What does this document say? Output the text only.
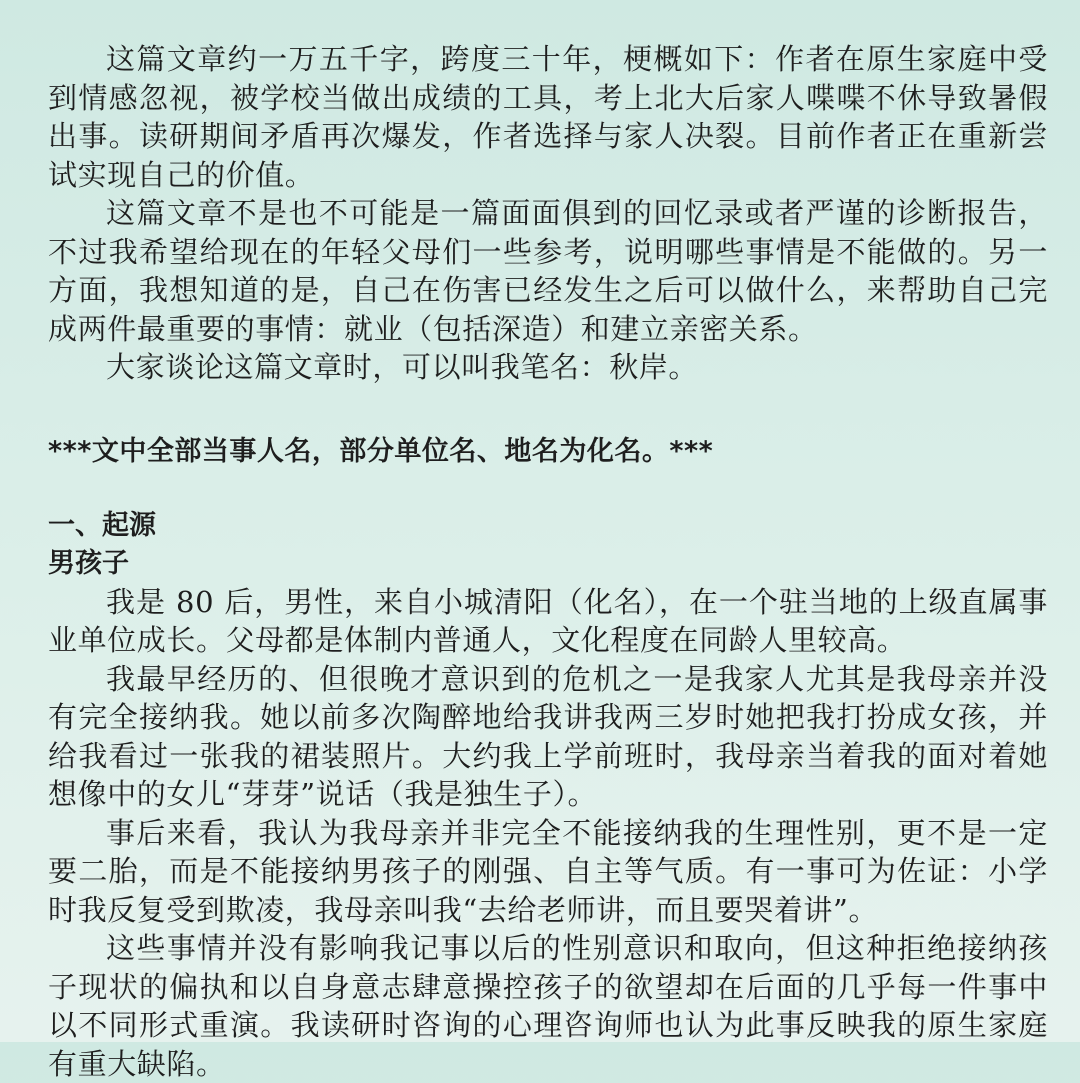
这篇文章约一万五千字，跨度三十年，梗概如下：作者在原生家庭中受到情感忽视，被学校当做出成绩的工具，考上北大后家人喋喋不休导致暑假出事。读研期间矛盾再次爆发，作者选择与家人决裂。目前作者正在重新尝试实现自己的价值。

这篇文章不是也不可能是一篇面面俱到的回忆录或者严谨的诊断报告，不过我希望给现在的年轻父母们一些参考，说明哪些事情是不能做的。另一方面，我想知道的是，自己在伤害已经发生之后可以做什么，来帮助自己完成两件最重要的事情：就业（包括深造）和建立亲密关系。

大家谈论这篇文章时，可以叫我笔名：秋岸。

***文中全部当事人名，部分单位名、地名为化名。***

一、起源

男孩子

我是 80 后，男性，来自小城清阳（化名），在一个驻当地的上级直属事业单位成长。父母都是体制内普通人，文化程度在同龄人里较高。

我最早经历的、但很晚才意识到的危机之一是我家人尤其是我母亲并没有完全接纳我。她以前多次陶醉地给我讲我两三岁时她把我打扮成女孩，并给我看过一张我的裙装照片。大约我上学前班时，我母亲当着我的面对着她想像中的女儿“芽芽”说话（我是独生子）。

事后来看，我认为我母亲并非完全不能接纳我的生理性别，更不是一定要二胎，而是不能接纳男孩子的刚强、自主等气质。有一事可为佐证：小学时我反复受到欺凌，我母亲叫我“去给老师讲，而且要哭着讲”。

这些事情并没有影响我记事以后的性别意识和取向，但这种拒绝接纳孩子现状的偏执和以自身意志肆意操控孩子的欲望却在后面的几乎每一件事中 以不同形式重演。我读研时咨询的心理咨询师也认为此事反映我的原生家庭有重大缺陷。
